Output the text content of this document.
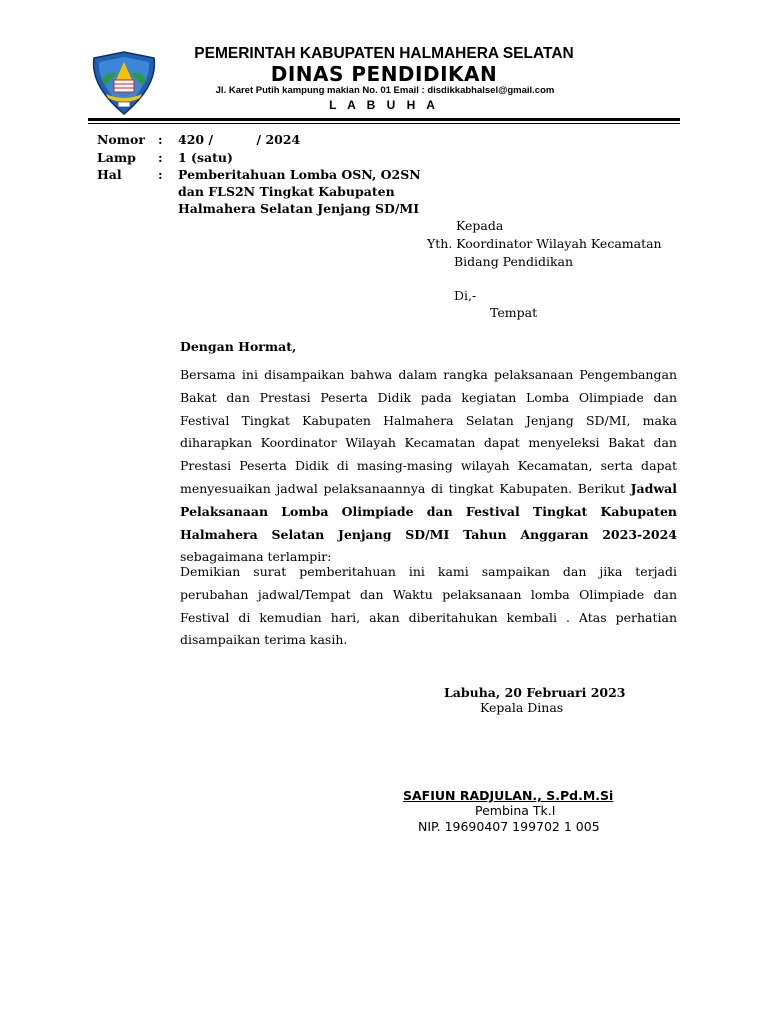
PEMERINTAH KABUPATEN HALMAHERA SELATAN
DINAS PENDIDIKAN
Jl. Karet Putih kampung makian No. 01 Email : disdikkabhalsel@gmail.com
L A B U H A
Nomor : 420 /          / 2024
Lamp : 1 (satu)
Hal	: Pemberitahuan Lomba OSN, O2SN
dan FLS2N Tingkat Kabupaten
Halmahera Selatan Jenjang SD/MI
Kepada
Yth. Koordinator Wilayah Kecamatan
Bidang Pendidikan
Di,-
Tempat
Dengan Hormat,
Bersama ini disampaikan bahwa dalam rangka pelaksanaan Pengembangan Bakat dan Prestasi Peserta Didik pada kegiatan Lomba Olimpiade dan Festival Tingkat Kabupaten Halmahera Selatan Jenjang SD/MI, maka diharapkan Koordinator Wilayah Kecamatan dapat menyeleksi Bakat dan Prestasi Peserta Didik di masing-masing wilayah Kecamatan, serta dapat menyesuaikan jadwal pelaksanaannya di tingkat Kabupaten. Berikut Jadwal Pelaksanaan Lomba Olimpiade dan Festival Tingkat Kabupaten Halmahera Selatan Jenjang SD/MI Tahun Anggaran 2023-2024  sebagaimana terlampir:
Demikian surat pemberitahuan ini kami sampaikan dan jika terjadi perubahan jadwal/Tempat dan Waktu pelaksanaan lomba Olimpiade dan Festival di kemudian hari, akan diberitahukan kembali . Atas perhatian disampaikan terima kasih.
Labuha, 20 Februari 2023
Kepala Dinas
SAFIUN RADJULAN., S.Pd.M.Si
Pembina Tk.I
NIP. 19690407 199702 1 005
